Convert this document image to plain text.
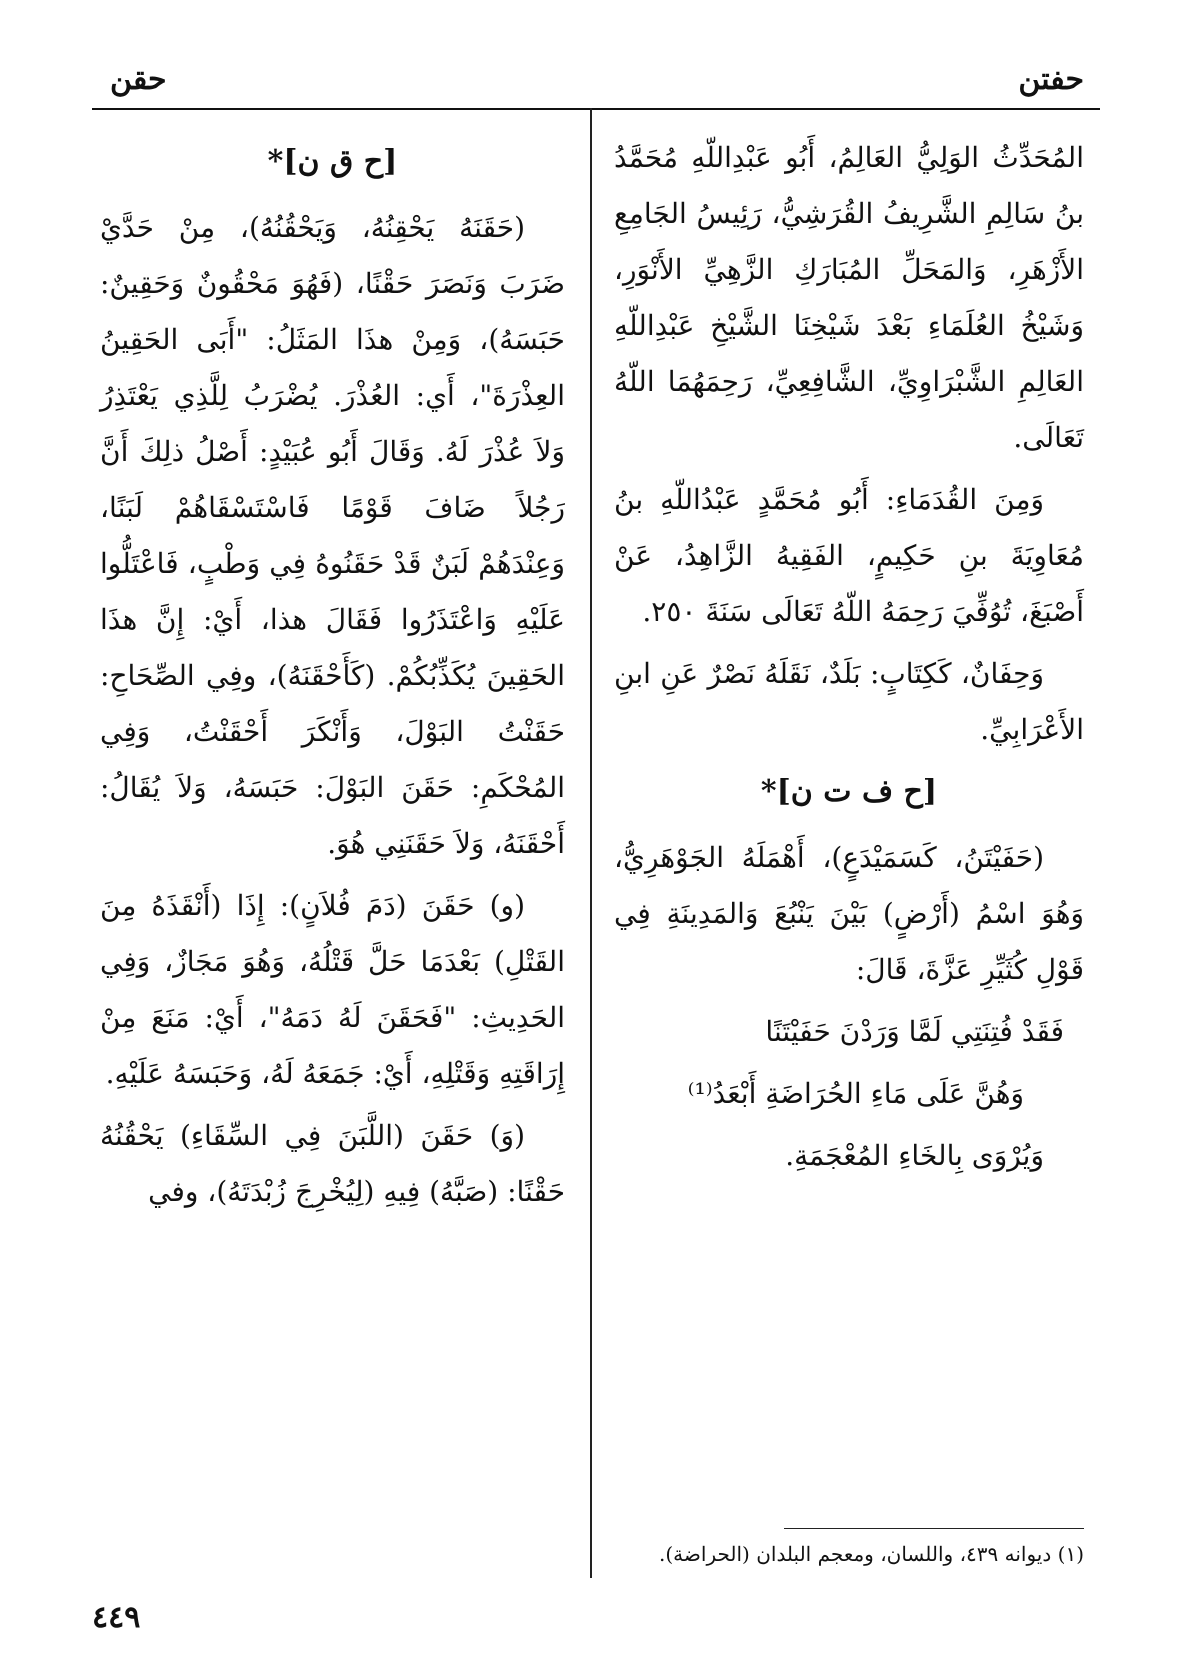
حفتن
حقن

المُحَدِّثُ الوَلِيُّ العَالِمُ، أَبُو عَبْدِاللّهِ مُحَمَّدُ بنُ سَالِمِ الشَّرِيفُ القُرَشِيُّ، رَئِيسُ الجَامِعِ الأَزْهَرِ، وَالمَحَلِّ المُبَارَكِ الزَّهِيِّ الأَنْوَرِ، وَشَيْخُ العُلَمَاءِ بَعْدَ شَيْخِنَا الشَّيْخِ عَبْدِاللّهِ العَالِمِ الشَّبْرَاوِيِّ، الشَّافِعِيِّ، رَحِمَهُمَا اللّهُ تَعَالَى.

وَمِنَ القُدَمَاءِ: أَبُو مُحَمَّدٍ عَبْدُاللّهِ بنُ مُعَاوِيَةَ بنِ حَكِيمٍ، الفَقِيهُ الزَّاهِدُ، عَنْ أَصْبَغَ، تُوُفِّيَ رَحِمَهُ اللّهُ تَعَالَى سَنَةَ ٢٥٠.

وَحِفَانٌ، كَكِتَابٍ: بَلَدٌ، نَقَلَهُ نَصْرٌ عَنِ ابنِ الأَعْرَابِيِّ.

[ح ف ت ن]*

(حَفَيْتَنُ، كَسَمَيْدَعٍ)، أَهْمَلَهُ الجَوْهَرِيُّ، وَهُوَ اسْمُ (أَرْضٍ) بَيْنَ يَنْبُعَ وَالمَدِينَةِ فِي قَوْلِ كُثَيِّرِ عَزَّةَ، قَالَ:

فَقَدْ فُتِنَتِي لَمَّا وَرَدْنَ حَفَيْتَنًا
وَهُنَّ عَلَى مَاءِ الحُرَاضَةِ أَبْعَدُ⁽¹⁾

وَيُرْوَى بِالخَاءِ المُعْجَمَةِ.

[ح ق ن]*

(حَقَنَهُ يَحْقِنُهُ، وَيَحْقُنُهُ)، مِنْ حَدَّيْ ضَرَبَ وَنَصَرَ حَقْنًا، (فَهُوَ مَحْقُونٌ وَحَقِينٌ: حَبَسَهُ)، وَمِنْ هذَا المَثَلُ: "أَبَى الحَقِينُ العِذْرَةَ"، أَي: العُذْرَ. يُضْرَبُ لِلَّذِي يَعْتَذِرُ وَلاَ عُذْرَ لَهُ. وَقَالَ أَبُو عُبَيْدٍ: أَصْلُ ذلِكَ أَنَّ رَجُلاً ضَافَ قَوْمًا فَاسْتَسْقَاهُمْ لَبَنًا، وَعِنْدَهُمْ لَبَنٌ قَدْ حَقَنُوهُ فِي وَطْبٍ، فَاعْتَلُّوا عَلَيْهِ وَاعْتَذَرُوا فَقَالَ هذا، أَيْ: إِنَّ هذَا الحَقِينَ يُكَذِّبُكُمْ. (كَأَحْقَنَهُ)، وفِي الصِّحَاحِ: حَقَنْتُ البَوْلَ، وَأَنْكَرَ أَحْقَنْتُ، وَفِي المُحْكَمِ: حَقَنَ البَوْلَ: حَبَسَهُ، وَلاَ يُقَالُ: أَحْقَنَهُ، وَلاَ حَقَنَنِي هُوَ.

(و) حَقَنَ (دَمَ فُلاَنٍ): إِذَا (أَنْقَذَهُ مِنَ القَتْلِ) بَعْدَمَا حَلَّ قَتْلُهُ، وَهُوَ مَجَازٌ، وَفِي الحَدِيثِ: "فَحَقَنَ لَهُ دَمَهُ"، أَيْ: مَنَعَ مِنْ إِرَاقَتِهِ وَقَتْلِهِ، أَيْ: جَمَعَهُ لَهُ، وَحَبَسَهُ عَلَيْهِ.

(وَ) حَقَنَ (اللَّبَنَ فِي السِّقَاءِ) يَحْقُنُهُ حَقْنًا: (صَبَّهُ) فِيهِ (لِيُخْرِجَ زُبْدَتَهُ)، وفي

(١) ديوانه ٤٣٩، واللسان، ومعجم البلدان (الحراضة).
٤٤٩
